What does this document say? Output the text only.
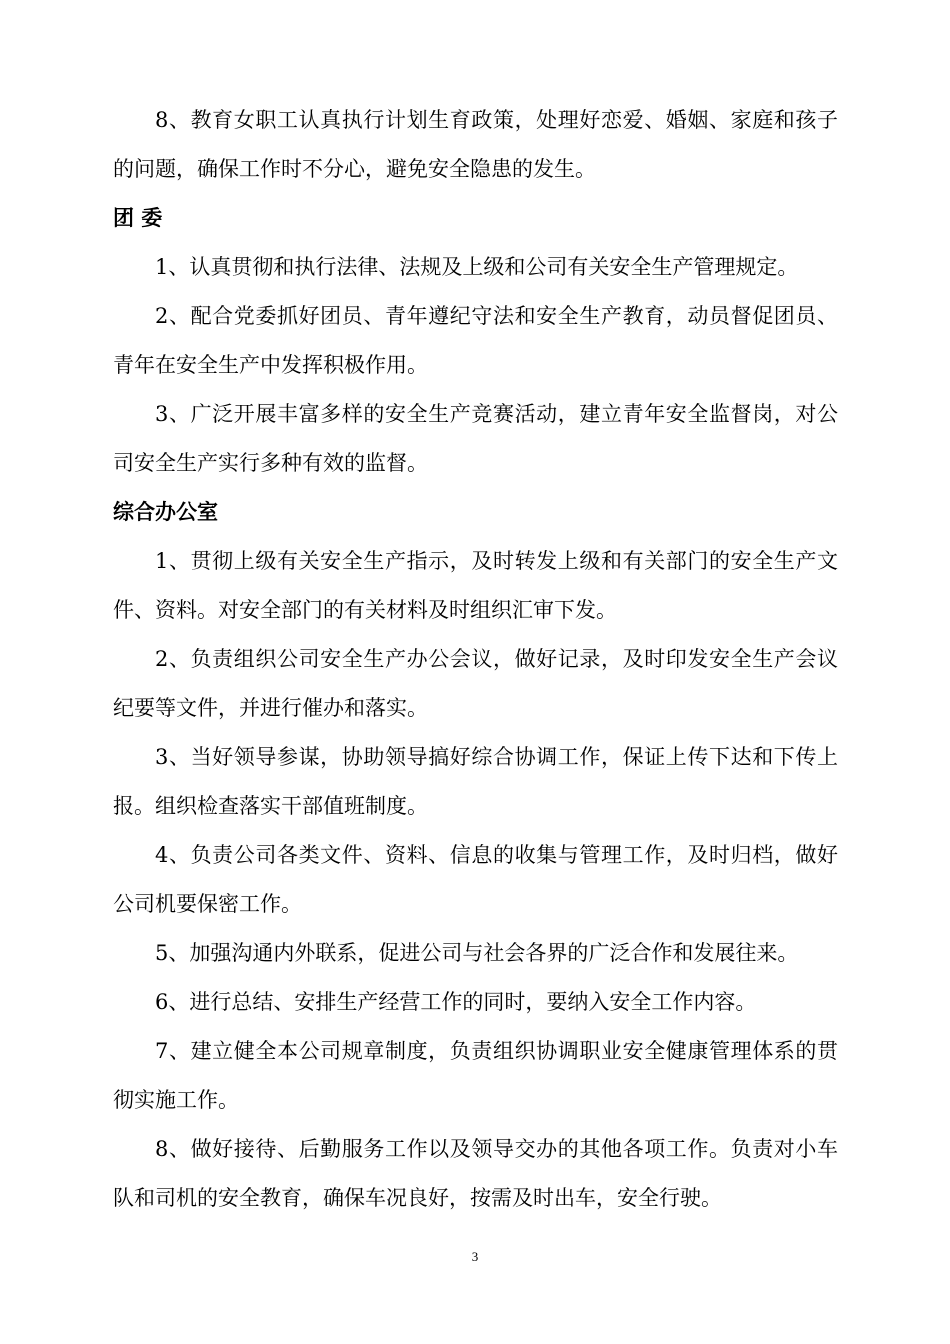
8、教育女职工认真执行计划生育政策，处理好恋爱、婚姻、家庭和孩子的问题，确保工作时不分心，避免安全隐患的发生。

团 委

1、认真贯彻和执行法律、法规及上级和公司有关安全生产管理规定。

2、配合党委抓好团员、青年遵纪守法和安全生产教育，动员督促团员、青年在安全生产中发挥积极作用。

3、广泛开展丰富多样的安全生产竞赛活动，建立青年安全监督岗，对公司安全生产实行多种有效的监督。

综合办公室

1、贯彻上级有关安全生产指示，及时转发上级和有关部门的安全生产文件、资料。对安全部门的有关材料及时组织汇审下发。

2、负责组织公司安全生产办公会议，做好记录，及时印发安全生产会议纪要等文件，并进行催办和落实。

3、当好领导参谋，协助领导搞好综合协调工作，保证上传下达和下传上报。组织检查落实干部值班制度。

4、负责公司各类文件、资料、信息的收集与管理工作，及时归档，做好公司机要保密工作。

5、加强沟通内外联系，促进公司与社会各界的广泛合作和发展往来。

6、进行总结、安排生产经营工作的同时，要纳入安全工作内容。

7、建立健全本公司规章制度，负责组织协调职业安全健康管理体系的贯彻实施工作。

8、做好接待、后勤服务工作以及领导交办的其他各项工作。负责对小车队和司机的安全教育，确保车况良好，按需及时出车，安全行驶。

3
